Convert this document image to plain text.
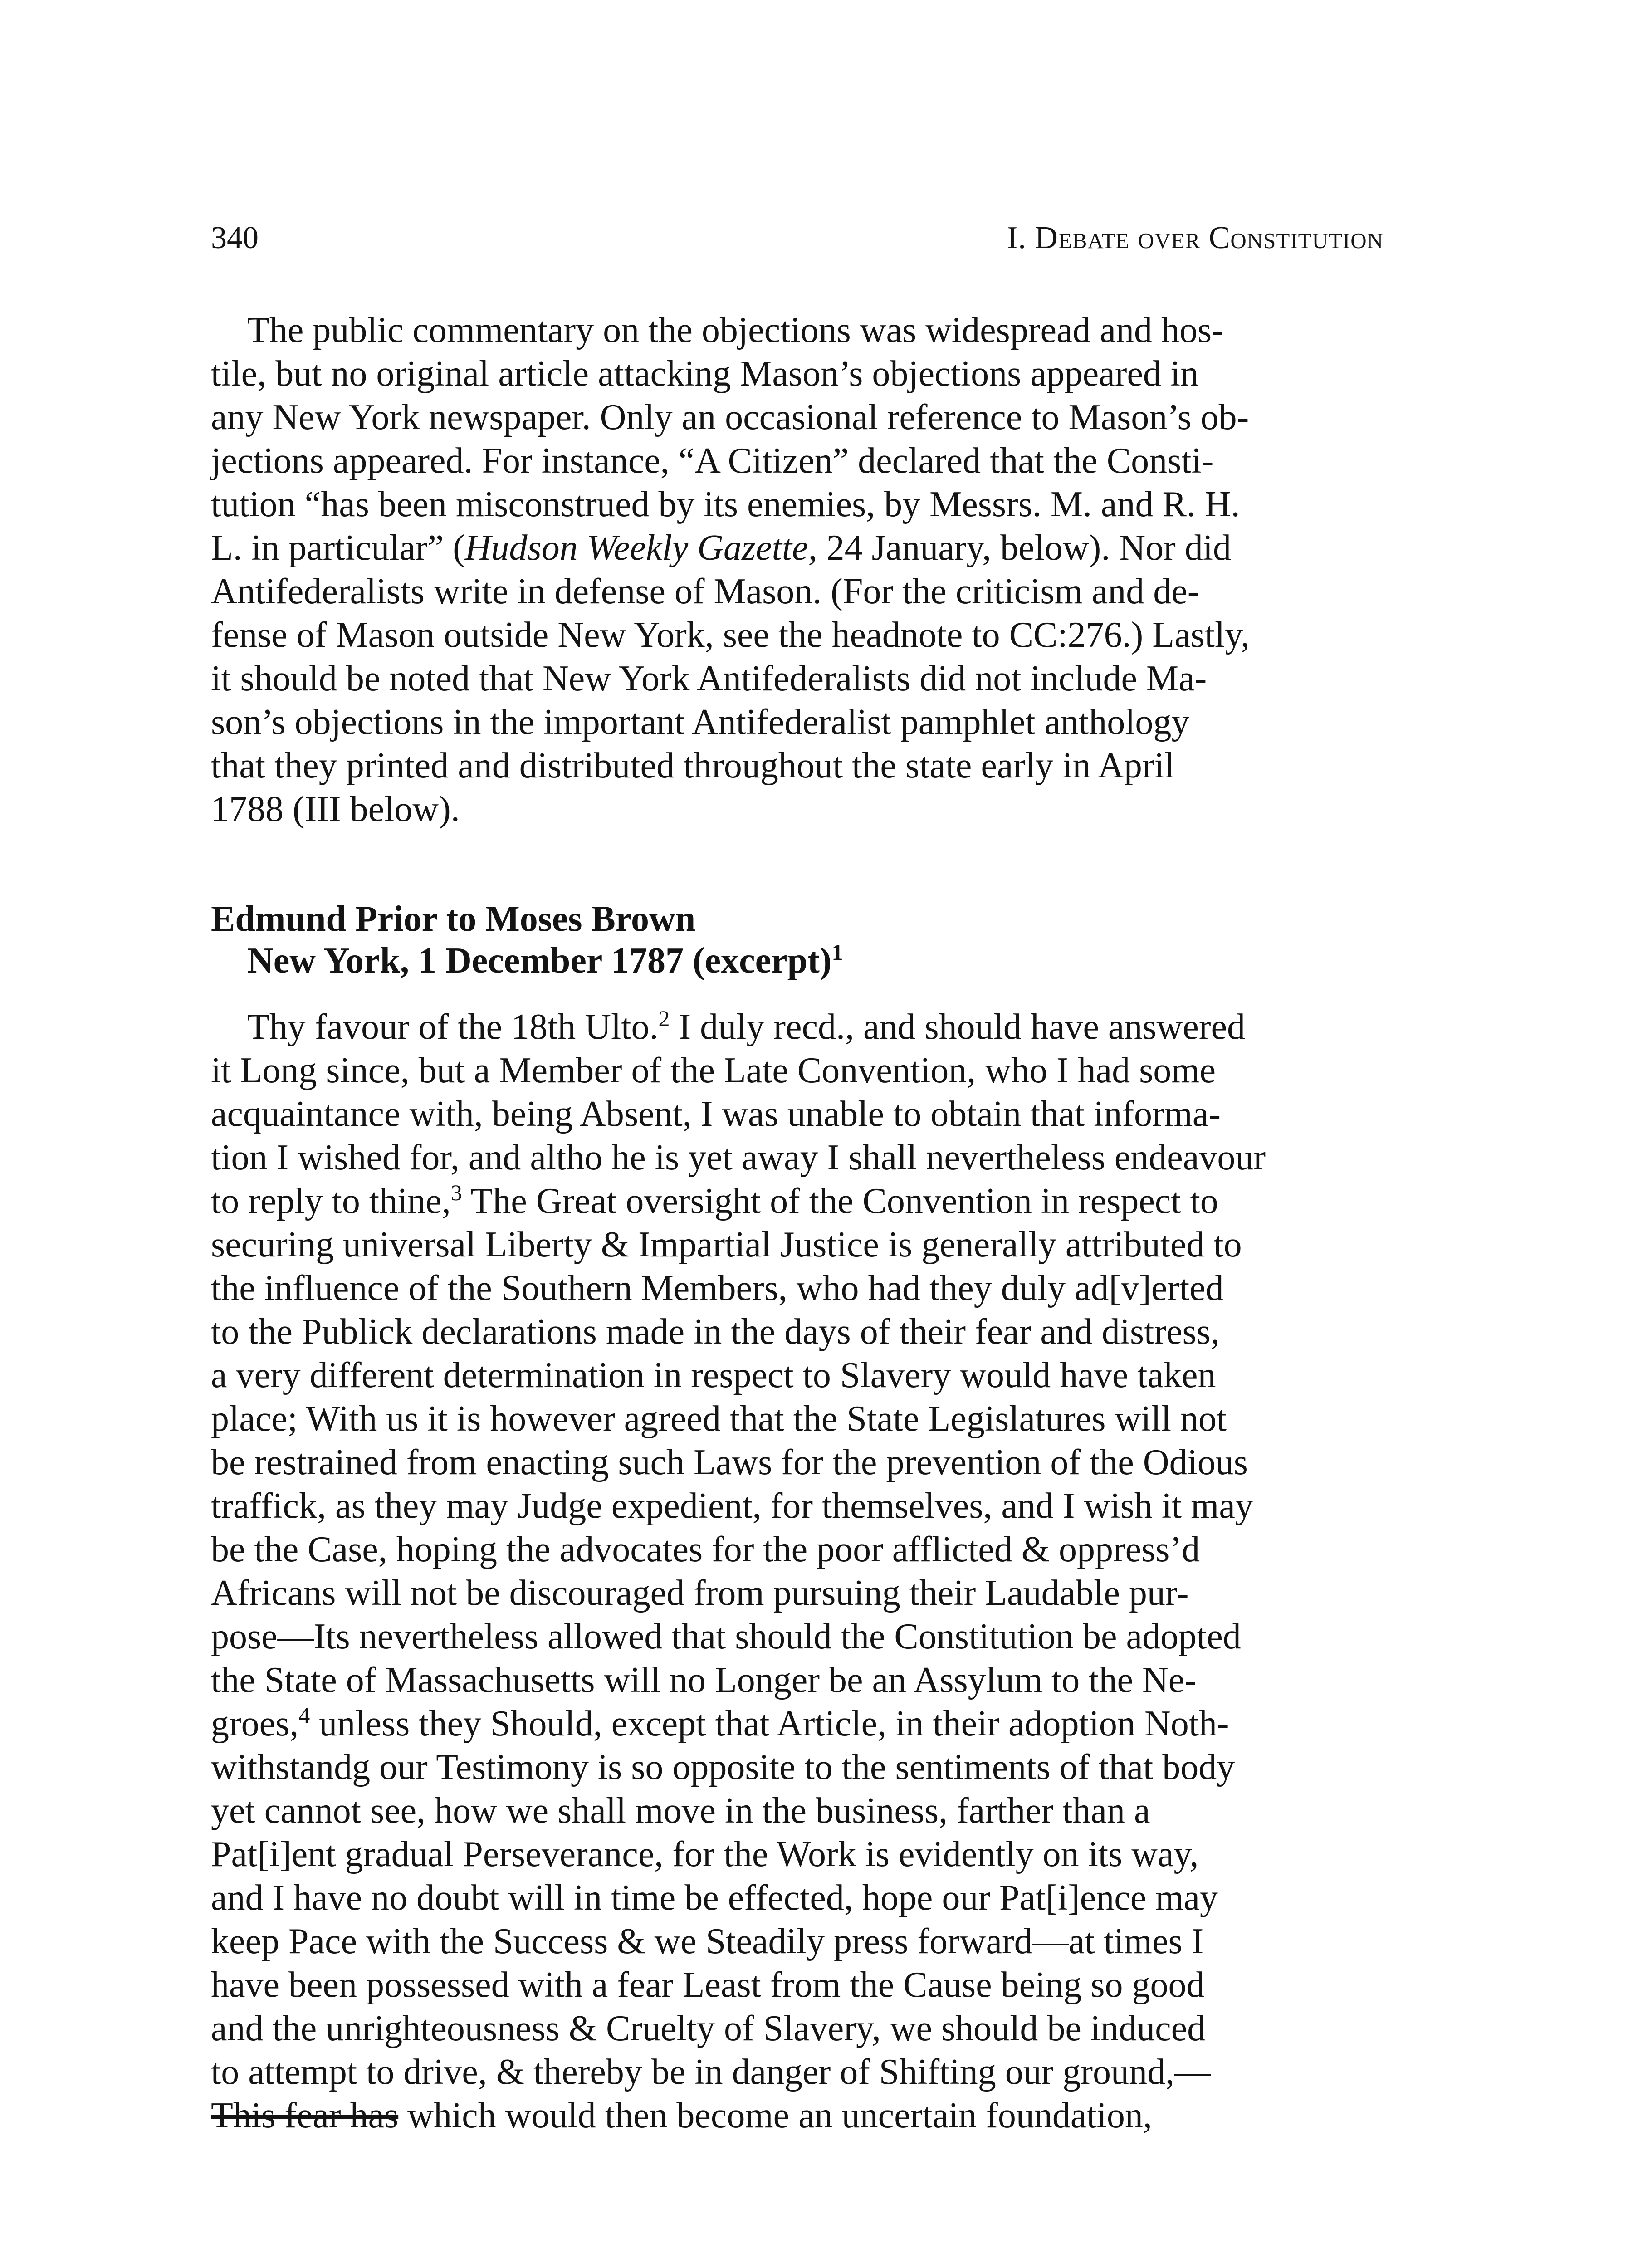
340	I. Debate over Constitution
The public commentary on the objections was widespread and hos-
tile, but no original article attacking Mason’s objections appeared in
any New York newspaper. Only an occasional reference to Mason’s ob-
jections appeared. For instance, “A Citizen” declared that the Consti-
tution “has been misconstrued by its enemies, by Messrs. M. and R. H.
L. in particular” (Hudson Weekly Gazette, 24 January, below). Nor did
Antifederalists write in defense of Mason. (For the criticism and de-
fense of Mason outside New York, see the headnote to CC:276.) Lastly,
it should be noted that New York Antifederalists did not include Ma-
son’s objections in the important Antifederalist pamphlet anthology
that they printed and distributed throughout the state early in April
1788 (III below).
Edmund Prior to Moses Brown
New York, 1 December 1787 (excerpt)$^1$
Thy favour of the 18th Ulto.$^2$ I duly recd., and should have answered
it Long since, but a Member of the Late Convention, who I had some
acquaintance with, being Absent, I was unable to obtain that informa-
tion I wished for, and altho he is yet away I shall nevertheless endeavour
to reply to thine,$^3$ The Great oversight of the Convention in respect to
securing universal Liberty & Impartial Justice is generally attributed to
the influence of the Southern Members, who had they duly ad[v]erted
to the Publick declarations made in the days of their fear and distress,
a very different determination in respect to Slavery would have taken
place; With us it is however agreed that the State Legislatures will not
be restrained from enacting such Laws for the prevention of the Odious
traffick, as they may Judge expedient, for themselves, and I wish it may
be the Case, hoping the advocates for the poor afflicted & oppress’d
Africans will not be discouraged from pursuing their Laudable pur-
pose—Its nevertheless allowed that should the Constitution be adopted
the State of Massachusetts will no Longer be an Assylum to the Ne-
groes,$^4$ unless they Should, except that Article, in their adoption Noth-
withstandg our Testimony is so opposite to the sentiments of that body
yet cannot see, how we shall move in the business, farther than a
Pat[i]ent gradual Perseverance, for the Work is evidently on its way,
and I have no doubt will in time be effected, hope our Pat[i]ence may
keep Pace with the Success & we Steadily press forward—at times I
have been possessed with a fear Least from the Cause being so good
and the unrighteousness & Cruelty of Slavery, we should be induced
to attempt to drive, & thereby be in danger of Shifting our ground,—
This fear has which would then become an uncertain foundation,
